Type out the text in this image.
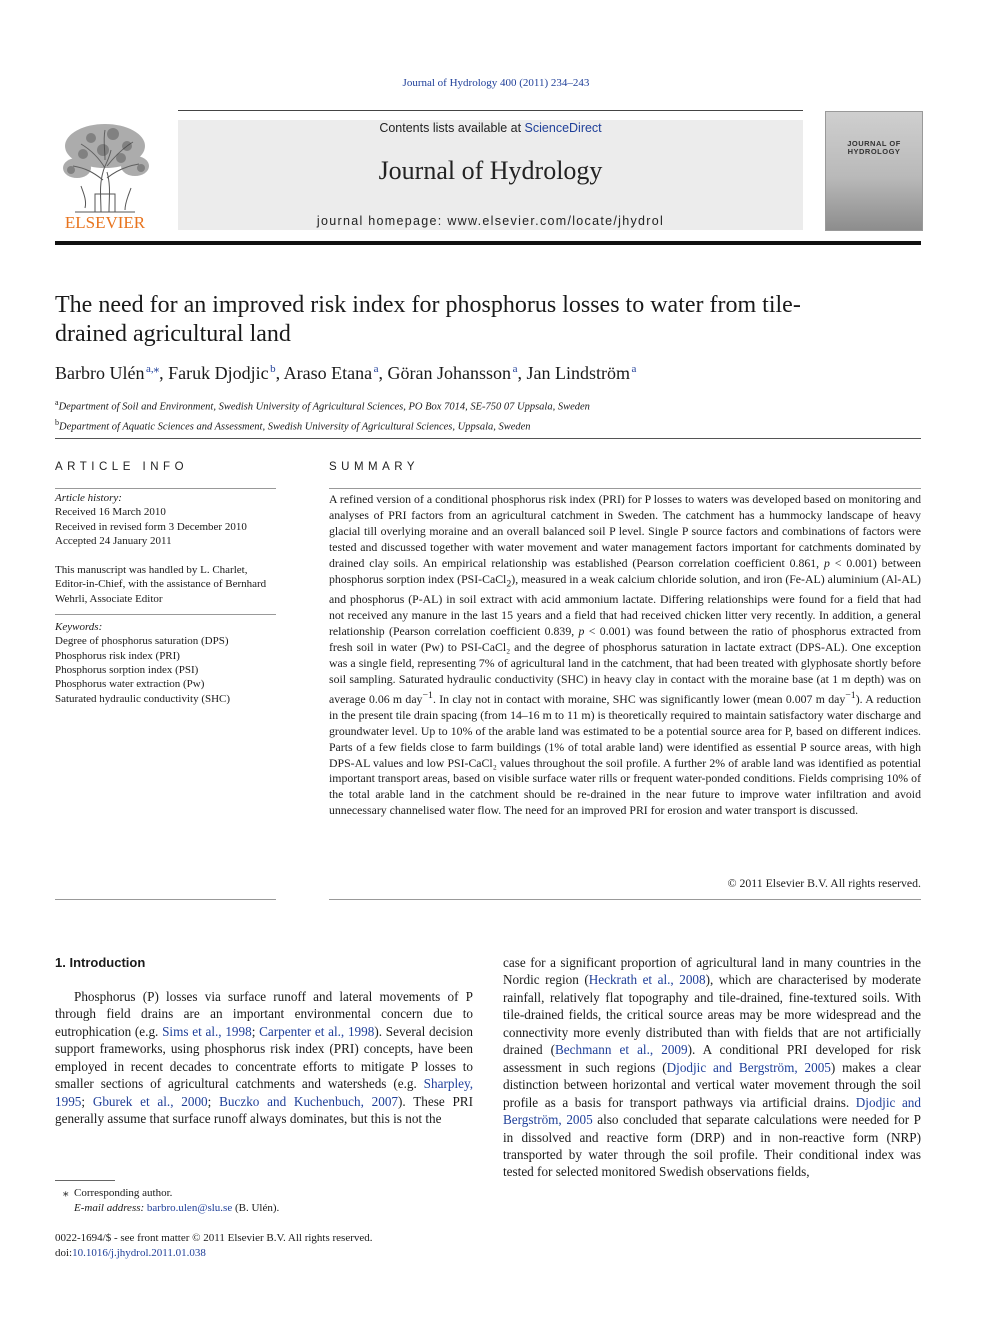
Journal of Hydrology 400 (2011) 234–243
ELSEVIER
Contents lists available at ScienceDirect
Journal of Hydrology
journal homepage: www.elsevier.com/locate/jhydrol
JOURNAL OF
HYDROLOGY
The need for an improved risk index for phosphorus losses to water from tile-drained agricultural land
Barbro Ulén  $^{a,⁎}$, Faruk Djodjic  $^b$, Araso Etana  $^a$, Göran Johansson  $^a$, Jan Lindström  $^a$
$^a$Department of Soil and Environment, Swedish University of Agricultural Sciences, PO Box 7014, SE-750 07 Uppsala, Sweden
$^b$Department of Aquatic Sciences and Assessment, Swedish University of Agricultural Sciences, Uppsala, Sweden
ARTICLE INFO
Article history:
Received 16 March 2010
Received in revised form 3 December 2010
Accepted 24 January 2011
This manuscript was handled by L. Charlet, Editor-in-Chief, with the assistance of Bernhard Wehrli, Associate Editor
Keywords:
Degree of phosphorus saturation (DPS)
Phosphorus risk index (PRI)
Phosphorus sorption index (PSI)
Phosphorus water extraction (Pw)
Saturated hydraulic conductivity (SHC)
SUMMARY
A refined version of a conditional phosphorus risk index (PRI) for P losses to waters was developed based on monitoring and analyses of PRI factors from an agricultural catchment in Sweden. The catchment has a hummocky landscape of heavy glacial till overlying moraine and an overall balanced soil P level. Single P source factors and combinations of factors were tested and discussed together with water movement and water management factors important for catchments dominated by drained clay soils. An empirical relationship was established (Pearson correlation coefficient 0.861, p < 0.001) between phosphorus sorption index (PSI-CaCl$_2$), measured in a weak calcium chloride solution, and iron (Fe-AL) aluminium (Al-AL) and phosphorus (P-AL) in soil extract with acid ammonium lactate. Differing relationships were found for a field that had not received any manure in the last 15 years and a field that had received chicken litter very recently. In addition, a general relationship (Pearson correlation coefficient 0.839, p < 0.001) was found between the ratio of phosphorus extracted from fresh soil in water (Pw) to PSI-CaCl₂ and the degree of phosphorus saturation in lactate extract (DPS-AL). One exception was a single field, representing 7% of agricultural land in the catchment, that had been treated with glyphosate shortly before soil sampling. Saturated hydraulic conductivity (SHC) in heavy clay in contact with the moraine base (at 1 m depth) was on average 0.06 m day$^{-1}$. In clay not in contact with moraine, SHC was significantly lower (mean 0.007 m day$^{-1}$). A reduction in the present tile drain spacing (from 14–16 m to 11 m) is theoretically required to maintain satisfactory water discharge and groundwater level. Up to 10% of the arable land was estimated to be a potential source area for P, based on different indices. Parts of a few fields close to farm buildings (1% of total arable land) were identified as essential P source areas, with high DPS-AL values and low PSI-CaCl₂ values throughout the soil profile. A further 2% of arable land was identified as potential important transport areas, based on visible surface water rills or frequent water-ponded conditions. Fields comprising 10% of the total arable land in the catchment should be re-drained in the near future to improve water infiltration and avoid unnecessary channelised water flow. The need for an improved PRI for erosion and water transport is discussed.
© 2011 Elsevier B.V. All rights reserved.
1. Introduction
Phosphorus (P) losses via surface runoff and lateral movements of P through field drains are an important environmental concern due to eutrophication (e.g. Sims et al., 1998; Carpenter et al., 1998). Several decision support frameworks, using phosphorus risk index (PRI) concepts, have been employed in recent decades to concentrate efforts to mitigate P losses to smaller sections of agricultural catchments and watersheds (e.g. Sharpley, 1995; Gburek et al., 2000; Buczko and Kuchenbuch, 2007). These PRI generally assume that surface runoff always dominates, but this is not the
case for a significant proportion of agricultural land in many countries in the Nordic region (Heckrath et al., 2008), which are characterised by moderate rainfall, relatively flat topography and tile-drained, fine-textured soils. With tile-drained fields, the critical source areas may be more widespread and the connectivity more evenly distributed than with fields that are not artificially drained (Bechmann et al., 2009). A conditional PRI developed for risk assessment in such regions (Djodjic and Bergström, 2005) makes a clear distinction between horizontal and vertical water movement through the soil profile as a basis for transport pathways via artificial drains. Djodjic and Bergström, 2005 also concluded that separate calculations were needed for P in dissolved and reactive form (DRP) and in non-reactive form (NRP) transported by water through the soil profile. Their conditional index was tested for selected monitored Swedish observations fields,
⁎ Corresponding author.
E-mail address: barbro.ulen@slu.se (B. Ulén).
0022-1694/$ - see front matter © 2011 Elsevier B.V. All rights reserved.
doi:10.1016/j.jhydrol.2011.01.038
